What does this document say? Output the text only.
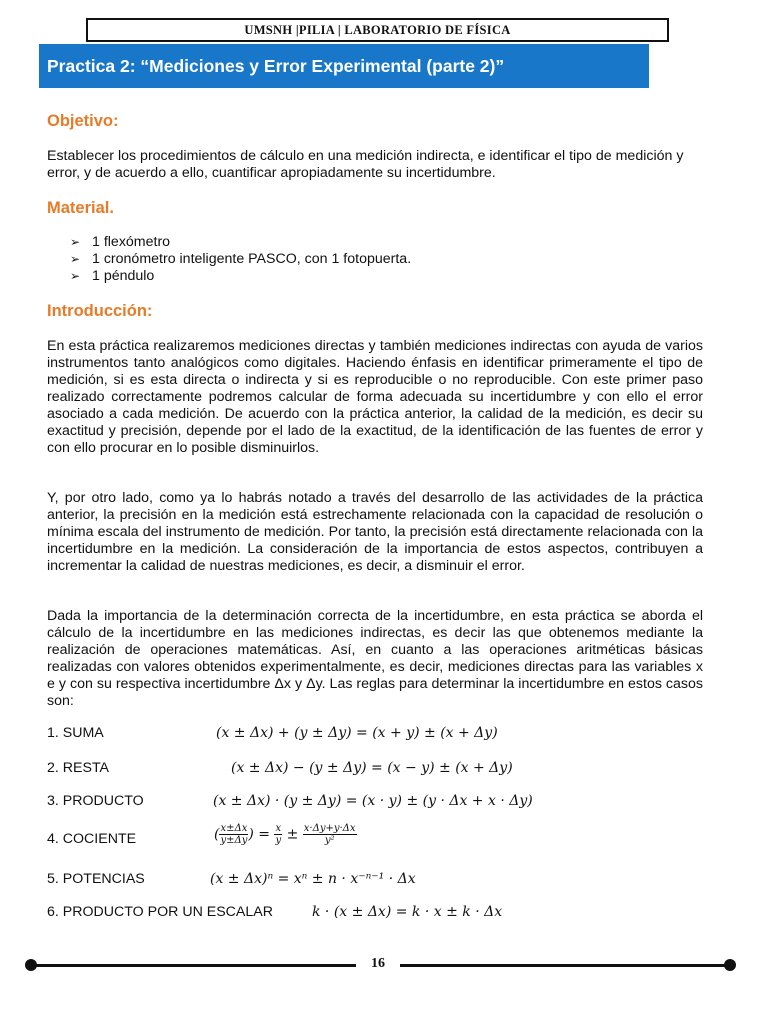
UMSNH |PILIA | LABORATORIO DE FÍSICA
Practica 2: “Mediciones y Error Experimental (parte 2)”
Objetivo:

Establecer los procedimientos de cálculo en una medición indirecta, e identificar el tipo de medición y error, y de acuerdo a ello, cuantificar apropiadamente su incertidumbre.

Material.
➢ 1 flexómetro
➢ 1 cronómetro inteligente PASCO, con 1 fotopuerta.
➢ 1 péndulo
Introducción:

En esta práctica realizaremos mediciones directas y también mediciones indirectas con ayuda de varios instrumentos tanto analógicos como digitales. Haciendo énfasis en identificar primeramente el tipo de medición, si es esta directa o indirecta y si es reproducible o no reproducible. Con este primer paso realizado correctamente podremos calcular de forma adecuada su incertidumbre y con ello el error asociado a cada medición. De acuerdo con la práctica anterior, la calidad de la medición, es decir su exactitud y precisión, depende por el lado de la exactitud, de la identificación de las fuentes de error y con ello procurar en lo posible disminuirlos.

Y, por otro lado, como ya lo habrás notado a través del desarrollo de las actividades de la práctica anterior, la precisión en la medición está estrechamente relacionada con la capacidad de resolución o mínima escala del instrumento de medición. Por tanto, la precisión está directamente relacionada con la incertidumbre en la medición. La consideración de la importancia de estos aspectos, contribuyen a incrementar la calidad de nuestras mediciones, es decir, a disminuir el error.

Dada la importancia de la determinación correcta de la incertidumbre, en esta práctica se aborda el cálculo de la incertidumbre en las mediciones indirectas, es decir las que obtenemos mediante la realización de operaciones matemáticas. Así, en cuanto a las operaciones aritméticas básicas realizadas con valores obtenidos experimentalmente, es decir, mediciones directas para las variables x e y con su respectiva incertidumbre Δx y Δy. Las reglas para determinar la incertidumbre en estos casos son:

1. SUMA	(x ± Δx) + (y ± Δy) = (x + y) ± (x + Δy)
2. RESTA	(x ± Δx) − (y ± Δy) = (x − y) ± (x + Δy)
3. PRODUCTO	(x ± Δx) · (y ± Δy) = (x · y) ± (y · Δx + x · Δy)
4. COCIENTE	( $\frac{x\pm\Delta x}{y\pm\Delta y}$ ) = $\frac{x}{y} \pm \frac{x\cdot\Delta y+y\cdot\Delta x}{\text{y²}}$
5. POTENCIAS	(x ± Δx)ⁿ = xⁿ ± n · x⁻ⁿ⁻¹ · Δx
6. PRODUCTO POR UN ESCALAR	k · (x ± Δx) = k · x ± k · Δx
16
